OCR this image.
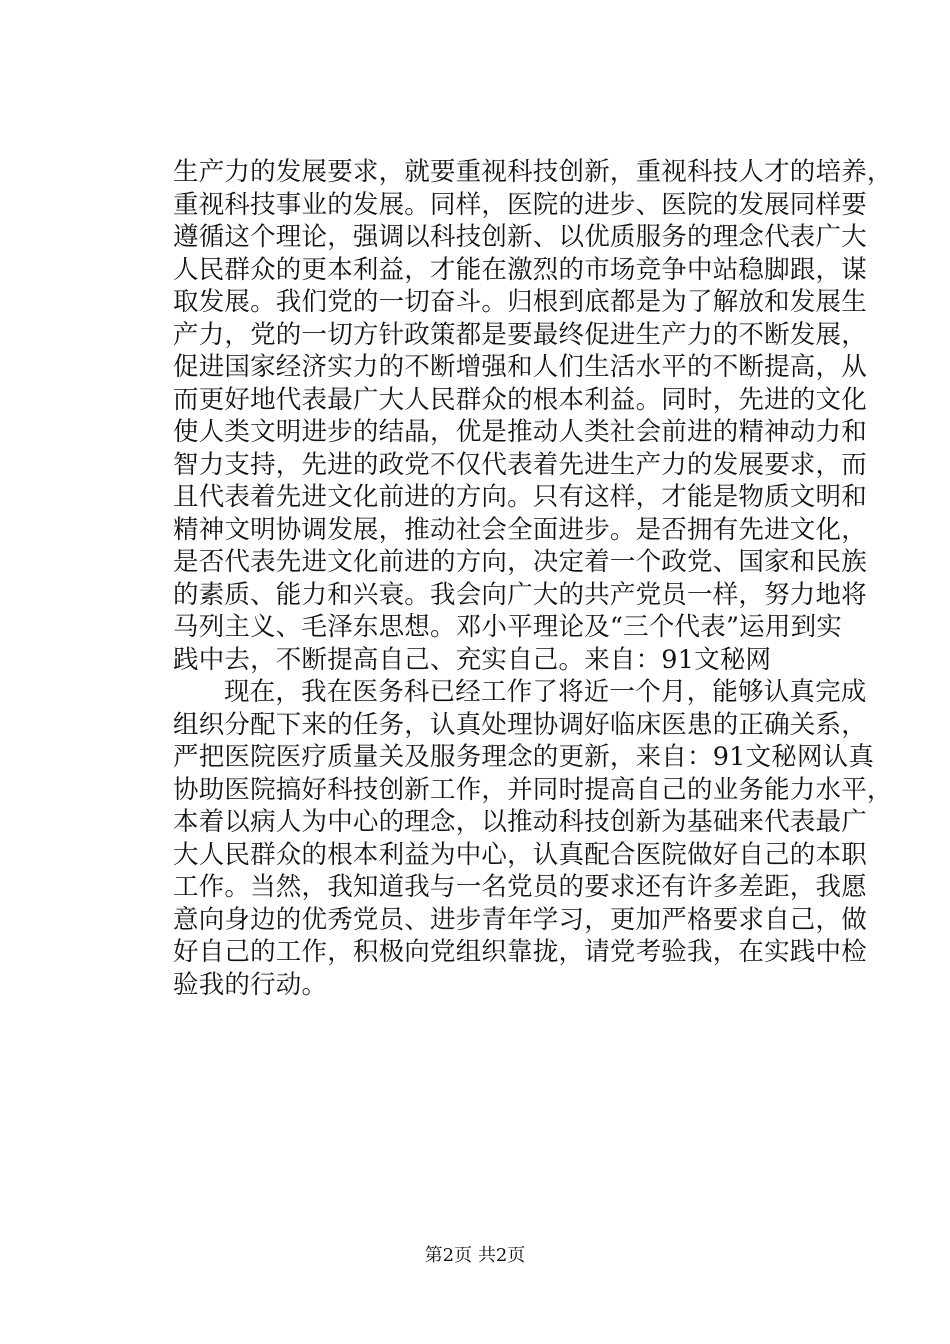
生产力的发展要求，就要重视科技创新，重视科技人才的培养，
重视科技事业的发展。同样，医院的进步、医院的发展同样要
遵循这个理论，强调以科技创新、以优质服务的理念代表广大
人民群众的更本利益，才能在激烈的市场竞争中站稳脚跟，谋
取发展。我们党的一切奋斗。归根到底都是为了解放和发展生
产力，党的一切方针政策都是要最终促进生产力的不断发展，
促进国家经济实力的不断增强和人们生活水平的不断提高，从
而更好地代表最广大人民群众的根本利益。同时，先进的文化
使人类文明进步的结晶，优是推动人类社会前进的精神动力和
智力支持，先进的政党不仅代表着先进生产力的发展要求，而
且代表着先进文化前进的方向。只有这样，才能是物质文明和
精神文明协调发展，推动社会全面进步。是否拥有先进文化，
是否代表先进文化前进的方向，决定着一个政党、国家和民族
的素质、能力和兴衰。我会向广大的共产党员一样，努力地将
马列主义、毛泽东思想。邓小平理论及“三个代表”运用到实
践中去，不断提高自己、充实自己。来自：91文秘网
现在，我在医务科已经工作了将近一个月，能够认真完成
组织分配下来的任务，认真处理协调好临床医患的正确关系，
严把医院医疗质量关及服务理念的更新，来自：91文秘网认真
协助医院搞好科技创新工作，并同时提高自己的业务能力水平，
本着以病人为中心的理念，以推动科技创新为基础来代表最广
大人民群众的根本利益为中心，认真配合医院做好自己的本职
工作。当然，我知道我与一名党员的要求还有许多差距，我愿
意向身边的优秀党员、进步青年学习，更加严格要求自己，做
好自己的工作，积极向党组织靠拢，请党考验我，在实践中检
验我的行动。
第2页 共2页
